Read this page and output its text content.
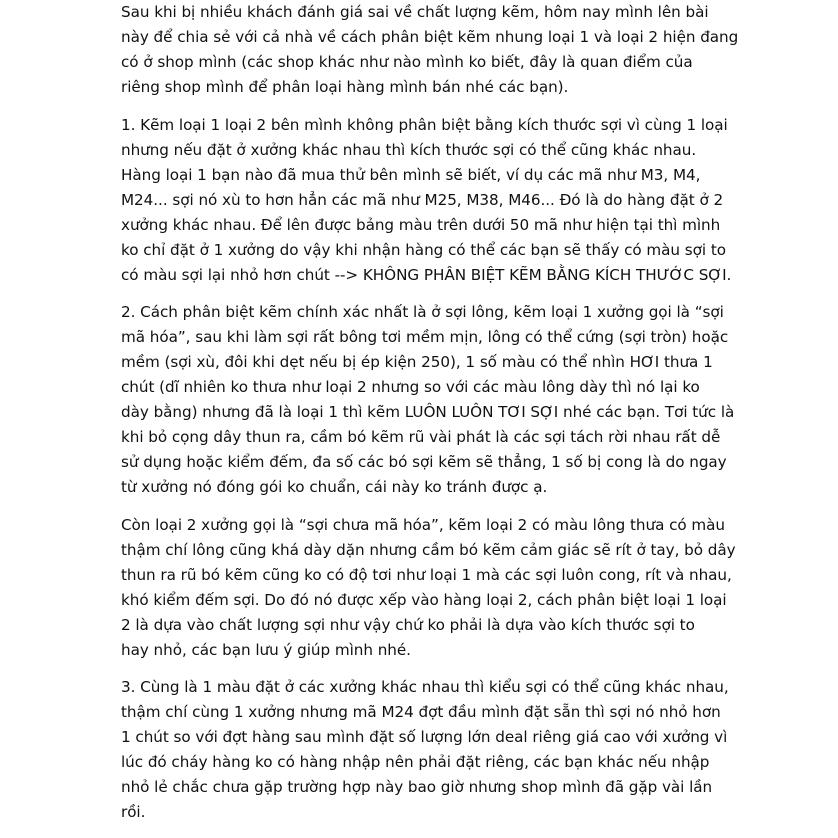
Sau khi bị nhiều khách đánh giá sai về chất lượng kẽm, hôm nay mình lên bài
này để chia sẻ với cả nhà về cách phân biệt kẽm nhung loại 1 và loại 2 hiện đang
có ở shop mình (các shop khác như nào mình ko biết, đây là quan điểm của
riêng shop mình để phân loại hàng mình bán nhé các bạn).

1. Kẽm loại 1 loại 2 bên mình không phân biệt bằng kích thước sợi vì cùng 1 loại
nhưng nếu đặt ở xưởng khác nhau thì kích thước sợi có thể cũng khác nhau.
Hàng loại 1 bạn nào đã mua thử bên mình sẽ biết, ví dụ các mã như M3, M4,
M24... sợi nó xù to hơn hẳn các mã như M25, M38, M46... Đó là do hàng đặt ở 2
xưởng khác nhau. Để lên được bảng màu trên dưới 50 mã như hiện tại thì mình
ko chỉ đặt ở 1 xưởng do vậy khi nhận hàng có thể các bạn sẽ thấy có màu sợi to
có màu sợi lại nhỏ hơn chút --> KHÔNG PHÂN BIỆT KẼM BẰNG KÍCH THƯỚC SỢI.

2. Cách phân biệt kẽm chính xác nhất là ở sợi lông, kẽm loại 1 xưởng gọi là “sợi
mã hóa”, sau khi làm sợi rất bông tơi mềm mịn, lông có thể cứng (sợi tròn) hoặc
mềm (sợi xù, đôi khi dẹt nếu bị ép kiện 250), 1 số màu có thể nhìn HƠI thưa 1
chút (dĩ nhiên ko thưa như loại 2 nhưng so với các màu lông dày thì nó lại ko
dày bằng) nhưng đã là loại 1 thì kẽm LUÔN LUÔN TƠI SỢI nhé các bạn. Tơi tức là
khi bỏ cọng dây thun ra, cầm bó kẽm rũ vài phát là các sợi tách rời nhau rất dễ
sử dụng hoặc kiểm đếm, đa số các bó sợi kẽm sẽ thẳng, 1 số bị cong là do ngay
từ xưởng nó đóng gói ko chuẩn, cái này ko tránh được ạ.

Còn loại 2 xưởng gọi là “sợi chưa mã hóa”, kẽm loại 2 có màu lông thưa có màu
thậm chí lông cũng khá dày dặn nhưng cầm bó kẽm cảm giác sẽ rít ở tay, bỏ dây
thun ra rũ bó kẽm cũng ko có độ tơi như loại 1 mà các sợi luôn cong, rít và nhau,
khó kiểm đếm sợi. Do đó nó được xếp vào hàng loại 2, cách phân biệt loại 1 loại
2 là dựa vào chất lượng sợi như vậy chứ ko phải là dựa vào kích thước sợi to
hay nhỏ, các bạn lưu ý giúp mình nhé.

3. Cùng là 1 màu đặt ở các xưởng khác nhau thì kiểu sợi có thể cũng khác nhau,
thậm chí cùng 1 xưởng nhưng mã M24 đợt đầu mình đặt sẵn thì sợi nó nhỏ hơn
1 chút so với đợt hàng sau mình đặt số lượng lớn deal riêng giá cao với xưởng vì
lúc đó cháy hàng ko có hàng nhập nên phải đặt riêng, các bạn khác nếu nhập
nhỏ lẻ chắc chưa gặp trường hợp này bao giờ nhưng shop mình đã gặp vài lần
rồi.
